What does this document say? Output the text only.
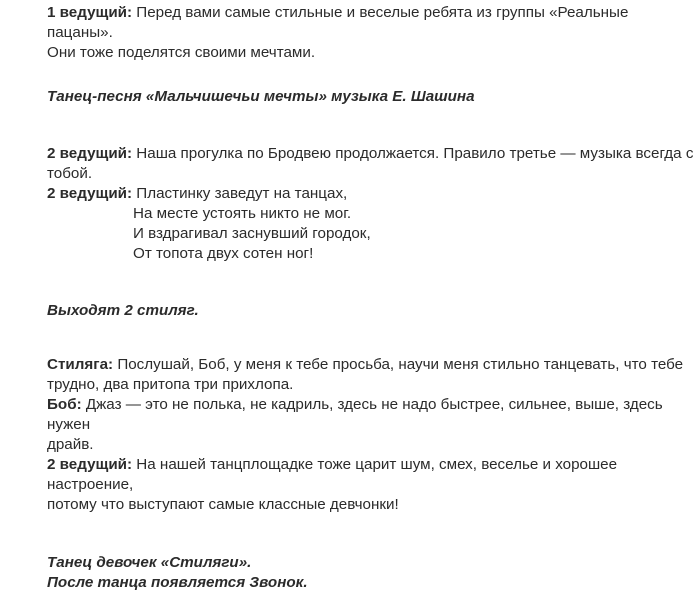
1 ведущий: Перед вами самые стильные и веселые ребята из группы «Реальные пацаны».
Они тоже поделятся своими мечтами.
Танец-песня «Мальчишечьи мечты» музыка Е. Шашина
2 ведущий: Наша прогулка по Бродвею продолжается. Правило третье — музыка всегда с
тобой.
2 ведущий: Пластинку заведут на танцах,
На месте устоять никто не мог.
И вздрагивал заснувший городок,
От топота двух сотен ног!
Выходят 2 стиляг.
Стиляга: Послушай, Боб, у меня к тебе просьба, научи меня стильно танцевать, что тебе
трудно, два притопа три прихлопа.
Боб: Джаз — это не полька, не кадриль, здесь не надо быстрее, сильнее, выше, здесь нужен
драйв.
2 ведущий: На нашей танцплощадке тоже царит шум, смех, веселье и хорошее настроение,
потому что выступают самые классные девчонки!
Танец девочек «Стиляги».
После танца появляется Звонок.
